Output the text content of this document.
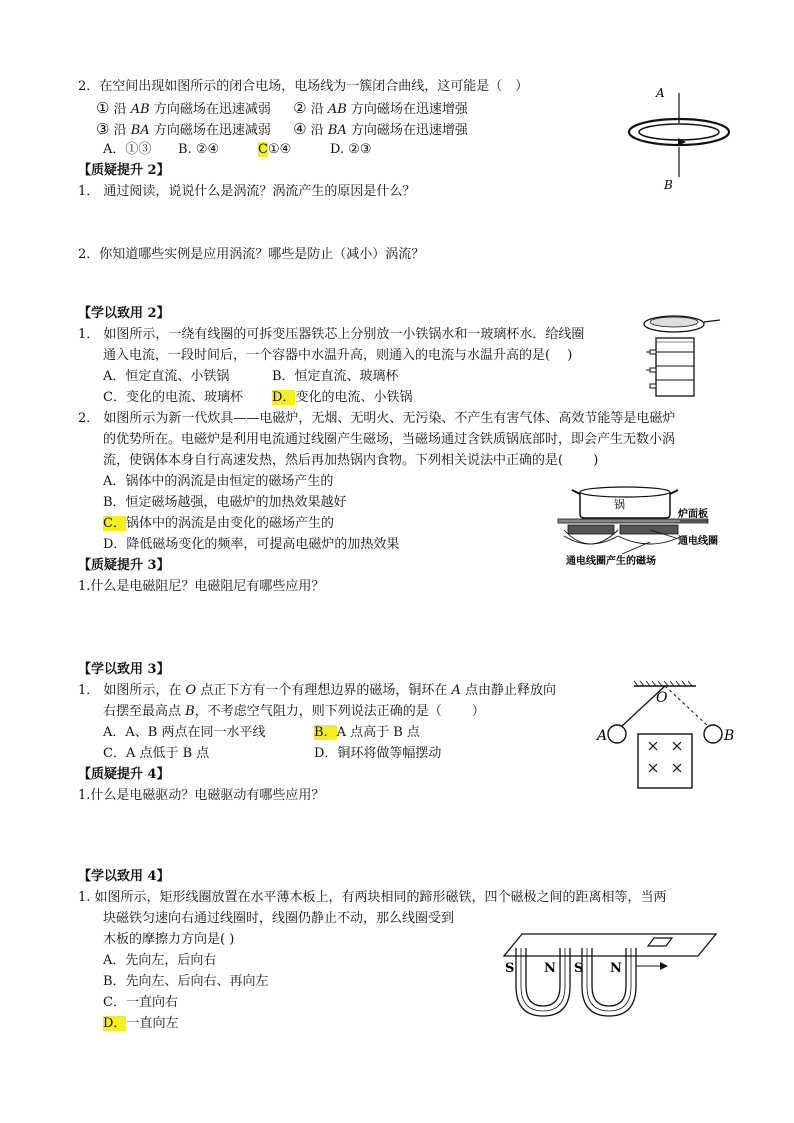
2．在空间出现如图所示的闭合电场，电场线为一簇闭合曲线，这可能是（　）
① 沿 AB 方向磁场在迅速减弱 ② 沿 AB 方向磁场在迅速增强
③ 沿 BA 方向磁场在迅速减弱 ④ 沿 BA 方向磁场在迅速增强
A．①③ B. ②④	C①④	D. ②③
A
B
【质疑提升 2】
1． 通过阅读，说说什么是涡流？涡流产生的原因是什么？
2．你知道哪些实例是应用涡流？哪些是防止（减小）涡流？
【学以致用 2】
1． 如图所示，一绕有线圈的可拆变压器铁芯上分别放一小铁锅水和一玻璃杯水．给线圈
通入电流，一段时间后，一个容器中水温升高，则通入的电流与水温升高的是(　 )
A．恒定直流、小铁锅	B．恒定直流、玻璃杯
C．变化的电流、玻璃杯 D．变化的电流、小铁锅
2． 如图所示为新一代炊具——电磁炉，无烟、无明火、无污染、不产生有害气体、高效节能等是电磁炉
的优势所在。电磁炉是利用电流通过线圈产生磁场，当磁场通过含铁质锅底部时，即会产生无数小涡
流，使锅体本身自行高速发热，然后再加热锅内食物。下列相关说法中正确的是(　　 )
A．锅体中的涡流是由恒定的磁场产生的
B．恒定磁场越强，电磁炉的加热效果越好
C．锅体中的涡流是由变化的磁场产生的
D．降低磁场变化的频率，可提高电磁炉的加热效果
锅
炉面板
通电线圈
通电线圈产生的磁场
【质疑提升 3】
1.什么是电磁阻尼？电磁阻尼有哪些应用？
【学以致用 3】
1． 如图所示，在 O 点正下方有一个有理想边界的磁场，铜环在 A 点由静止释放向
右摆至最高点 B，不考虑空气阻力，则下列说法正确的是（　　 ）
A．A、B 两点在同一水平线	B．A 点高于 B 点
C．A 点低于 B 点	D．铜环将做等幅摆动
O
A	B
【质疑提升 4】
1.什么是电磁驱动？电磁驱动有哪些应用？
【学以致用 4】
1. 如图所示，矩形线圈放置在水平薄木板上，有两块相同的蹄形磁铁，四个磁极之间的距离相等，当两
块磁铁匀速向右通过线圈时，线圈仍静止不动，那么线圈受到
木板的摩擦力方向是( )
A．先向左，后向右
B．先向左、后向右、再向左
C．一直向右
D．一直向左
S N S N
